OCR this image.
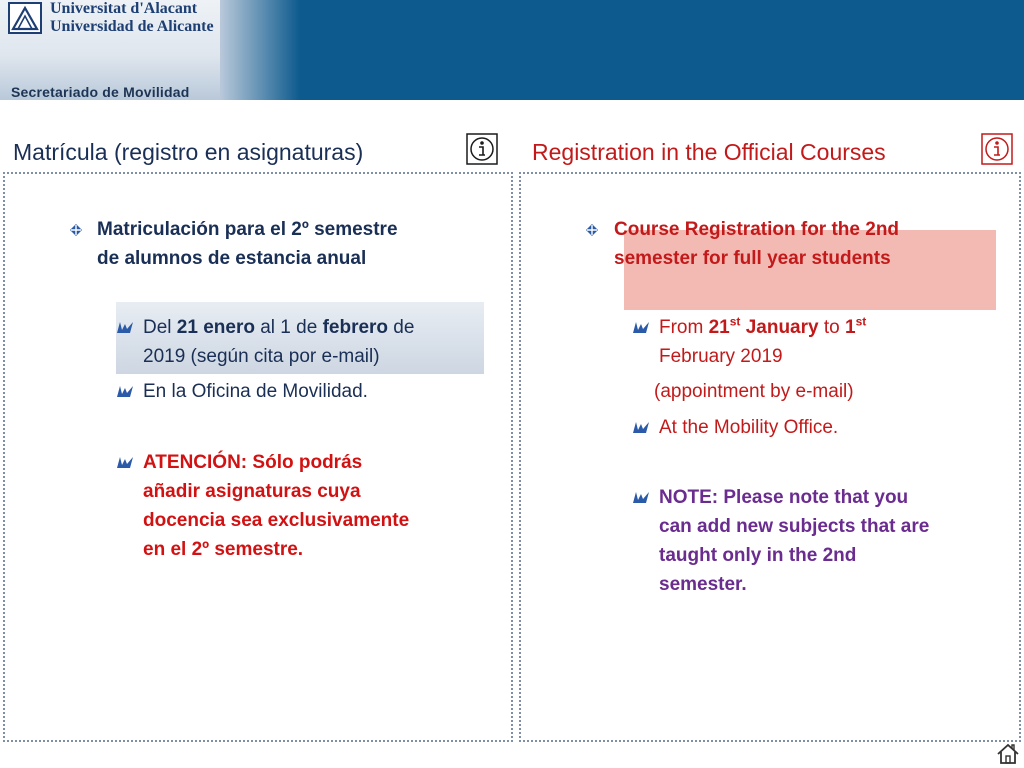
Universitat d'Alacant
Universidad de Alicante
Secretariado de Movilidad
Matrícula (registro en asignaturas)	Registration in the Official Courses
Matriculación para el 2º semestre
de alumnos de estancia anual
Del 21 enero al 1 de febrero de
2019 (según cita por e-mail)
En la Oficina de Movilidad.
ATENCIÓN: Sólo podrás
añadir asignaturas cuya
docencia sea exclusivamente
en el 2º semestre.
Course Registration for the 2nd
semester for full year students
From 21st January to 1st
February 2019
(appointment by e-mail)
At the Mobility Office.
NOTE: Please note that you
can add new subjects that are
taught only in the 2nd
semester.
